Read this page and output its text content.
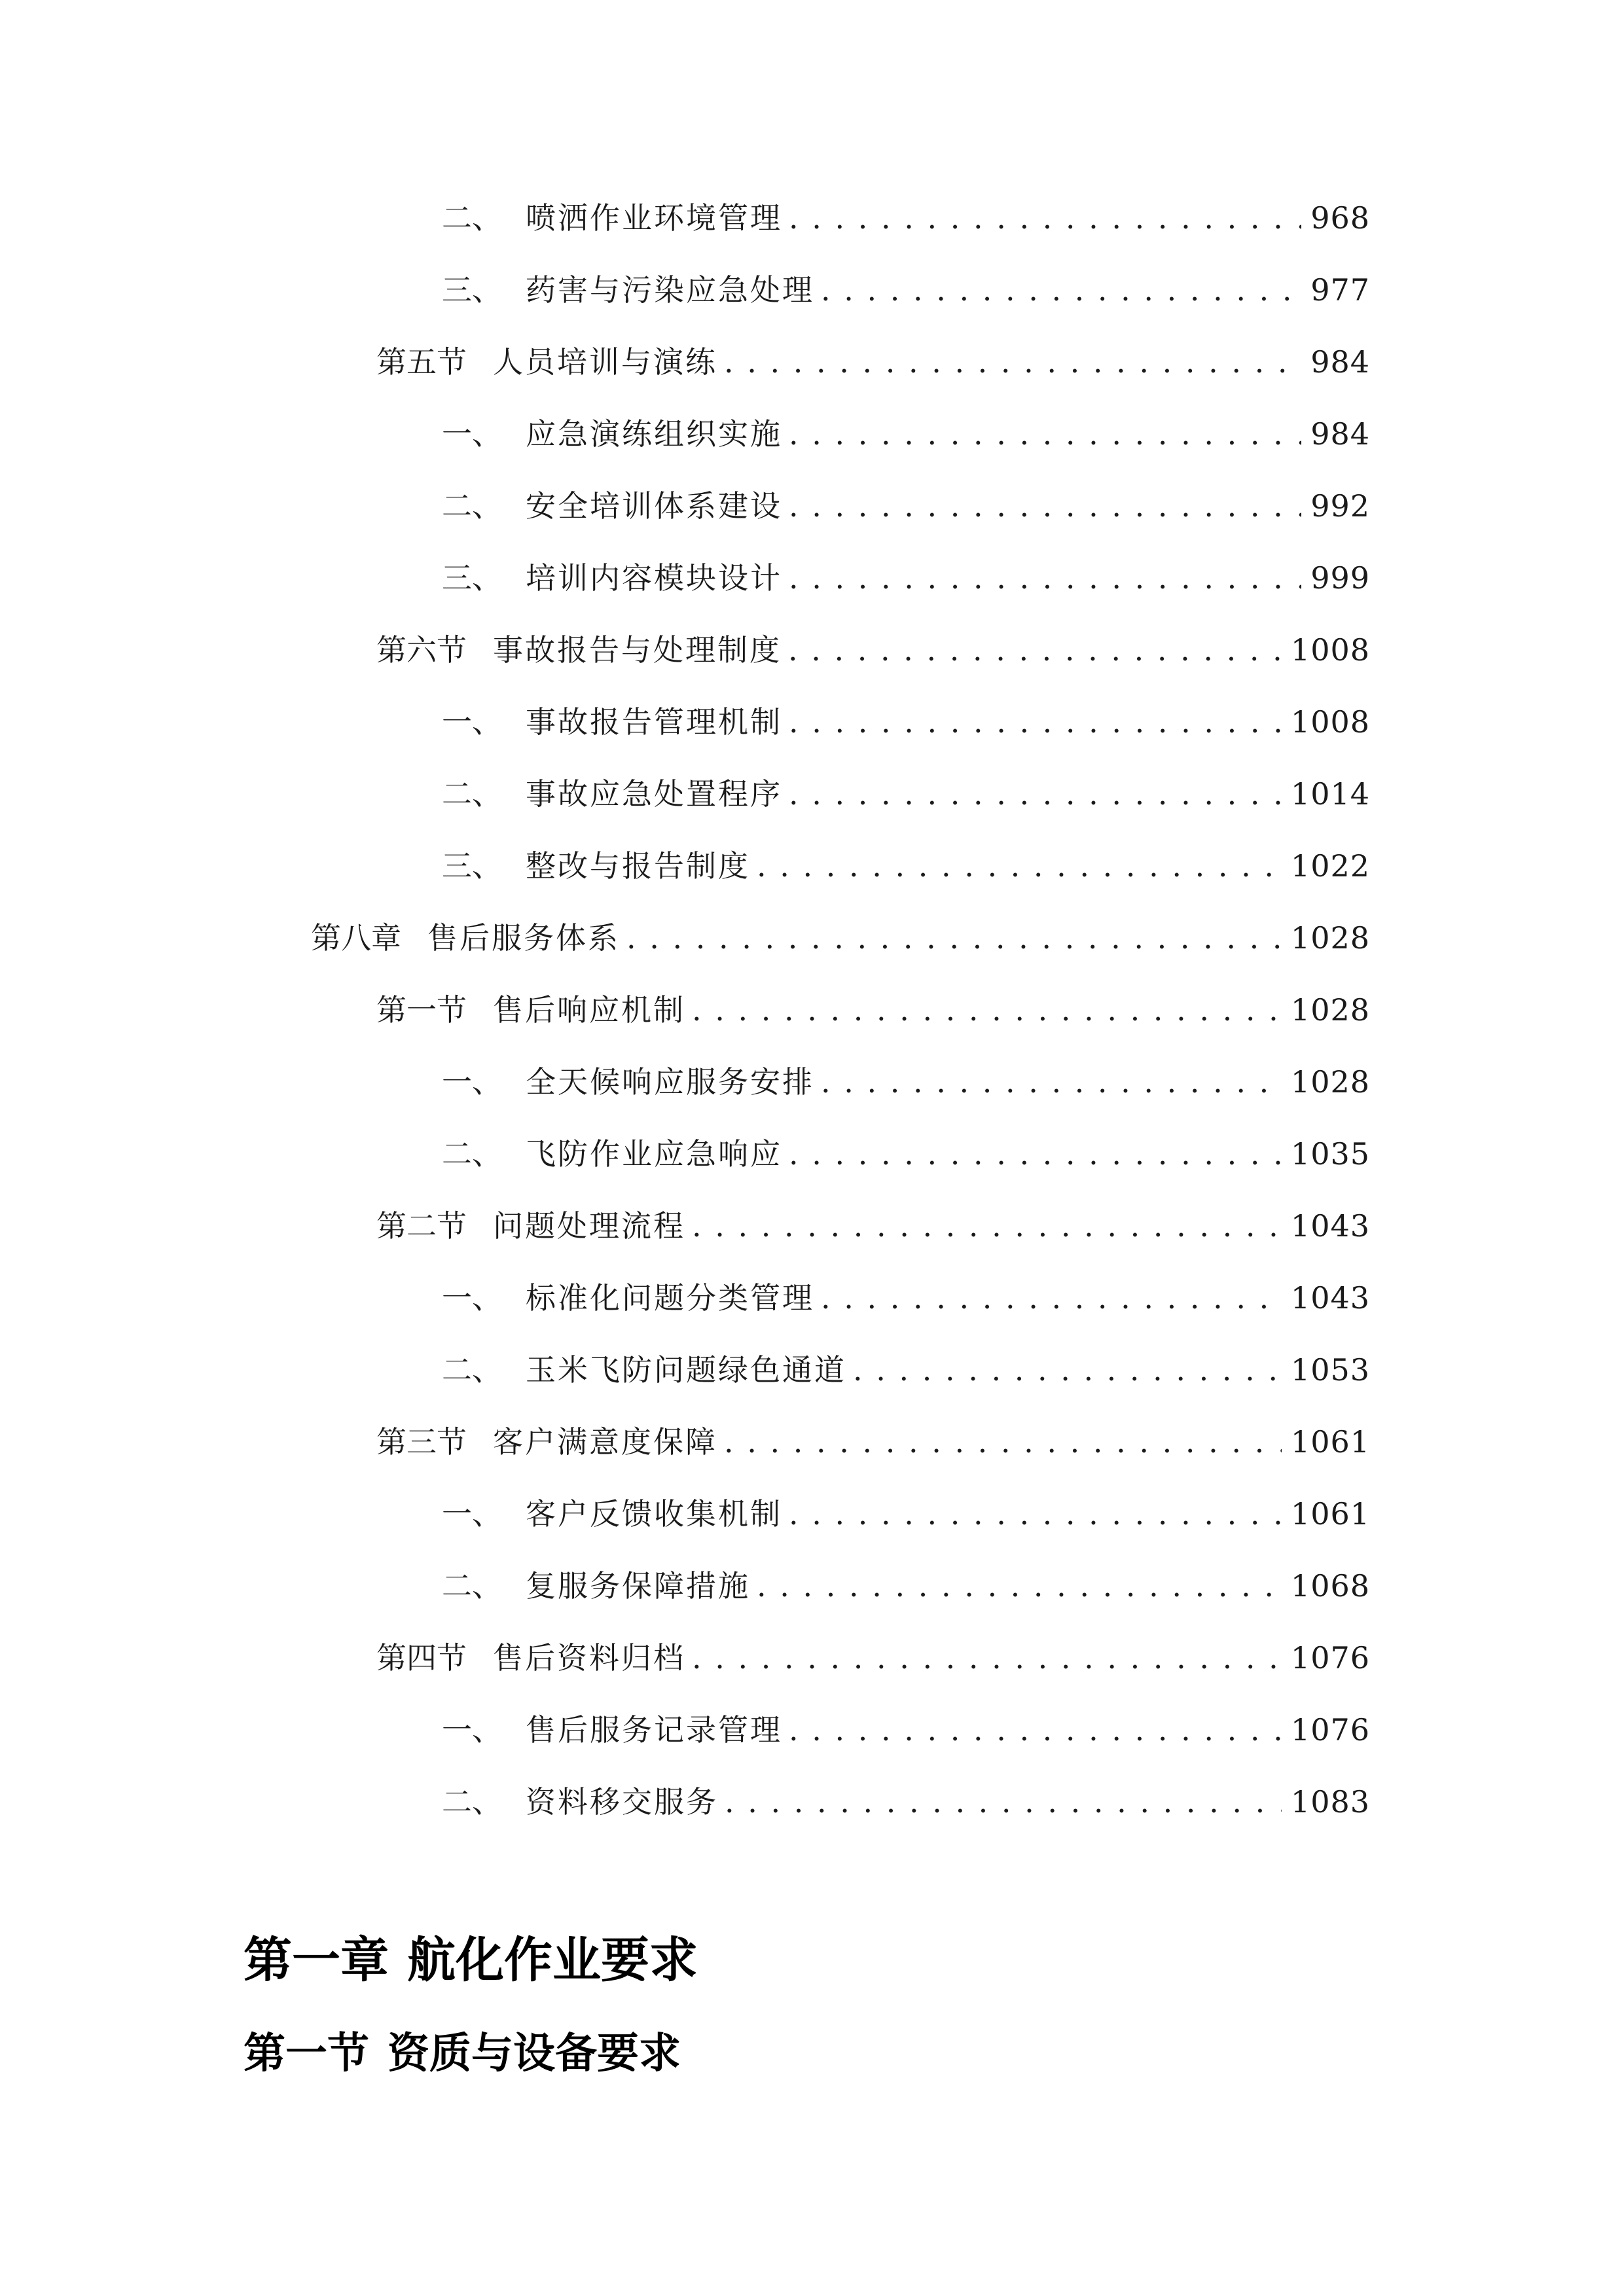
二、 喷洒作业环境管理 . . .	968
三、 药害与污染应急处理 . . .	977
第五节 人员培训与演练 . . .	984
一、 应急演练组织实施 . . .	984
二、 安全培训体系建设 . . .	992
三、 培训内容模块设计 . . .	999
第六节 事故报告与处理制度 . . .	1008
一、 事故报告管理机制 . . .	1008
二、 事故应急处置程序 . . .	1014
三、 整改与报告制度 . . .	1022
第八章 售后服务体系 . . .	1028
第一节 售后响应机制 . . .	1028
一、 全天候响应服务安排 . . .	1028
二、 飞防作业应急响应 . . .	1035
第二节 问题处理流程 . . .	1043
一、 标准化问题分类管理 . . .	1043
二、 玉米飞防问题绿色通道 . . .	1053
第三节 客户满意度保障 . . .	1061
一、 客户反馈收集机制 . . .	1061
二、 复服务保障措施 . . .	1068
第四节 售后资料归档 . . .	1076
一、 售后服务记录管理 . . .	1076
二、 资料移交服务 . . .	1083
第一章 航化作业要求
第一节 资质与设备要求
